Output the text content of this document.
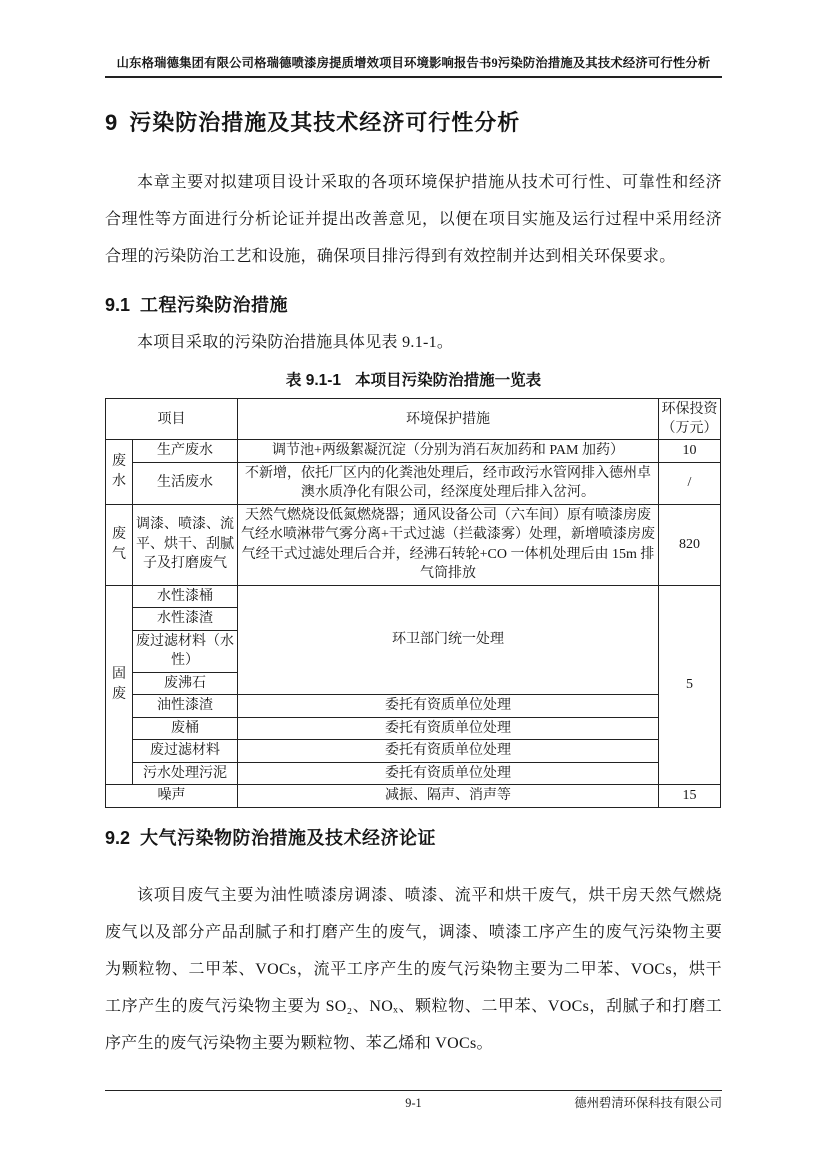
山东格瑞德集团有限公司格瑞德喷漆房提质增效项目环境影响报告书9污染防治措施及其技术经济可行性分析
9 污染防治措施及其技术经济可行性分析

本章主要对拟建项目设计采取的各项环境保护措施从技术可行性、可靠性和经济合理性等方面进行分析论证并提出改善意见，以便在项目实施及运行过程中采用经济合理的污染防治工艺和设施，确保项目排污得到有效控制并达到相关环保要求。

9.1 工程污染防治措施

本项目采取的污染防治措施具体见表 9.1-1。

表 9.1-1 本项目污染防治措施一览表
项目		环境保护措施	环保投资（万元）
废水	生产废水	调节池+两级絮凝沉淀（分别为消石灰加药和 PAM 加药）	10
	生活废水	不新增，依托厂区内的化粪池处理后，经市政污水管网排入德州卓澳水质净化有限公司，经深度处理后排入岔河。	/
废气	调漆、喷漆、流平、烘干、刮腻子及打磨废气	天然气燃烧设低氮燃烧器；通风设备公司（六车间）原有喷漆房废气经水喷淋带气雾分离+干式过滤（拦截漆雾）处理，新增喷漆房废气经干式过滤处理后合并，经沸石转轮+CO 一体机处理后由 15m 排气筒排放	820
固废	水性漆桶	环卫部门统一处理	5
	水性漆渣		
	废过滤材料（水性）		
	废沸石		
	油性漆渣	委托有资质单位处理	
	废桶	委托有资质单位处理	
	废过滤材料	委托有资质单位处理	
	污水处理污泥	委托有资质单位处理	
噪声		减振、隔声、消声等	15
9.2 大气污染物防治措施及技术经济论证

该项目废气主要为油性喷漆房调漆、喷漆、流平和烘干废气，烘干房天然气燃烧废气以及部分产品刮腻子和打磨产生的废气，调漆、喷漆工序产生的废气污染物主要为颗粒物、二甲苯、VOCs，流平工序产生的废气污染物主要为二甲苯、VOCs，烘干工序产生的废气污染物主要为 SO₂、NOₓ、颗粒物、二甲苯、VOCs，刮腻子和打磨工序产生的废气污染物主要为颗粒物、苯乙烯和 VOCs。

9-1	德州碧清环保科技有限公司
